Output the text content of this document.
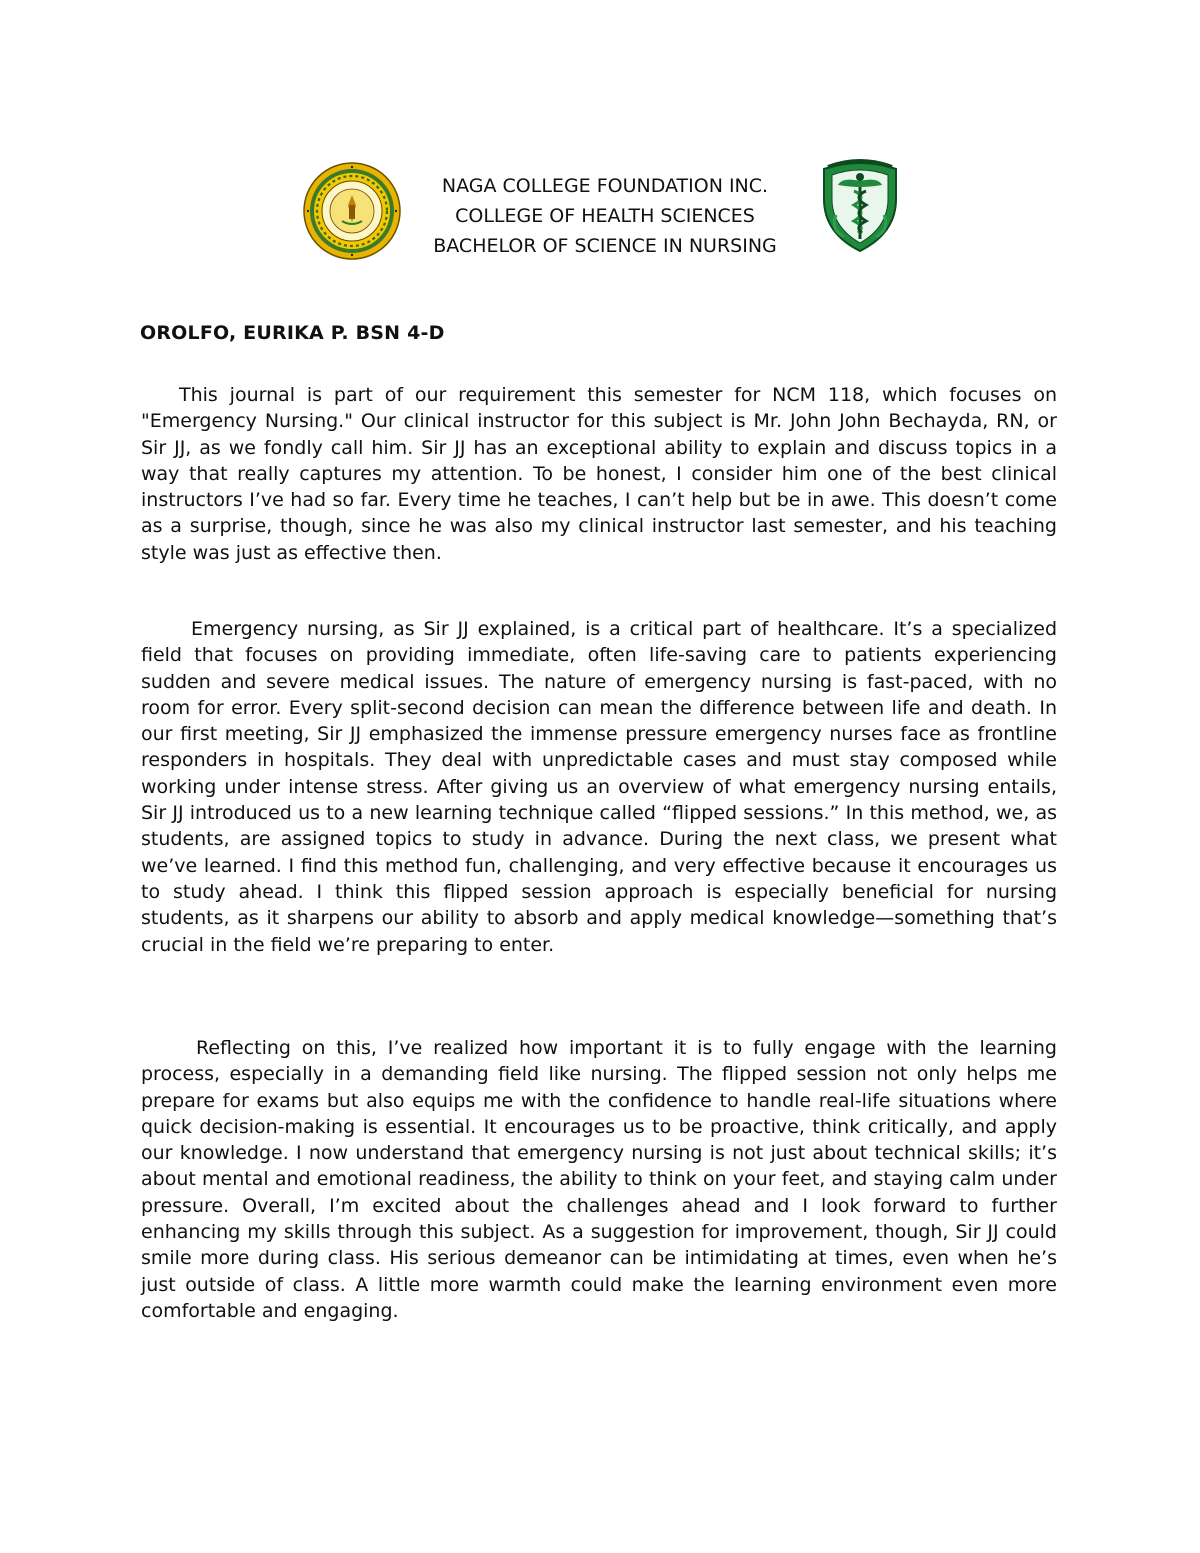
NAGA COLLEGE FOUNDATION INC.
COLLEGE OF HEALTH SCIENCES
BACHELOR OF SCIENCE IN NURSING
OROLFO, EURIKA P. BSN 4-D

This journal is part of our requirement this semester for NCM 118, which focuses on "Emergency Nursing." Our clinical instructor for this subject is Mr. John John Bechayda, RN, or Sir JJ, as we fondly call him. Sir JJ has an exceptional ability to explain and discuss topics in a way that really captures my attention. To be honest, I consider him one of the best clinical instructors I’ve had so far. Every time he teaches, I can’t help but be in awe. This doesn’t come as a surprise, though, since he was also my clinical instructor last semester, and his teaching style was just as effective then.

Emergency nursing, as Sir JJ explained, is a critical part of healthcare. It’s a specialized field that focuses on providing immediate, often life-saving care to patients experiencing sudden and severe medical issues. The nature of emergency nursing is fast-paced, with no room for error. Every split-second decision can mean the difference between life and death. In our first meeting, Sir JJ emphasized the immense pressure emergency nurses face as frontline responders in hospitals. They deal with unpredictable cases and must stay composed while working under intense stress. After giving us an overview of what emergency nursing entails, Sir JJ introduced us to a new learning technique called “flipped sessions.” In this method, we, as students, are assigned topics to study in advance. During the next class, we present what we’ve learned. I find this method fun, challenging, and very effective because it encourages us to study ahead. I think this flipped session approach is especially beneficial for nursing students, as it sharpens our ability to absorb and apply medical knowledge—something that’s crucial in the field we’re preparing to enter.

Reflecting on this, I’ve realized how important it is to fully engage with the learning process, especially in a demanding field like nursing. The flipped session not only helps me prepare for exams but also equips me with the confidence to handle real-life situations where quick decision-making is essential. It encourages us to be proactive, think critically, and apply our knowledge. I now understand that emergency nursing is not just about technical skills; it’s about mental and emotional readiness, the ability to think on your feet, and staying calm under pressure. Overall, I’m excited about the challenges ahead and I look forward to further enhancing my skills through this subject. As a suggestion for improvement, though, Sir JJ could smile more during class. His serious demeanor can be intimidating at times, even when he’s just outside of class. A little more warmth could make the learning environment even more comfortable and engaging.
